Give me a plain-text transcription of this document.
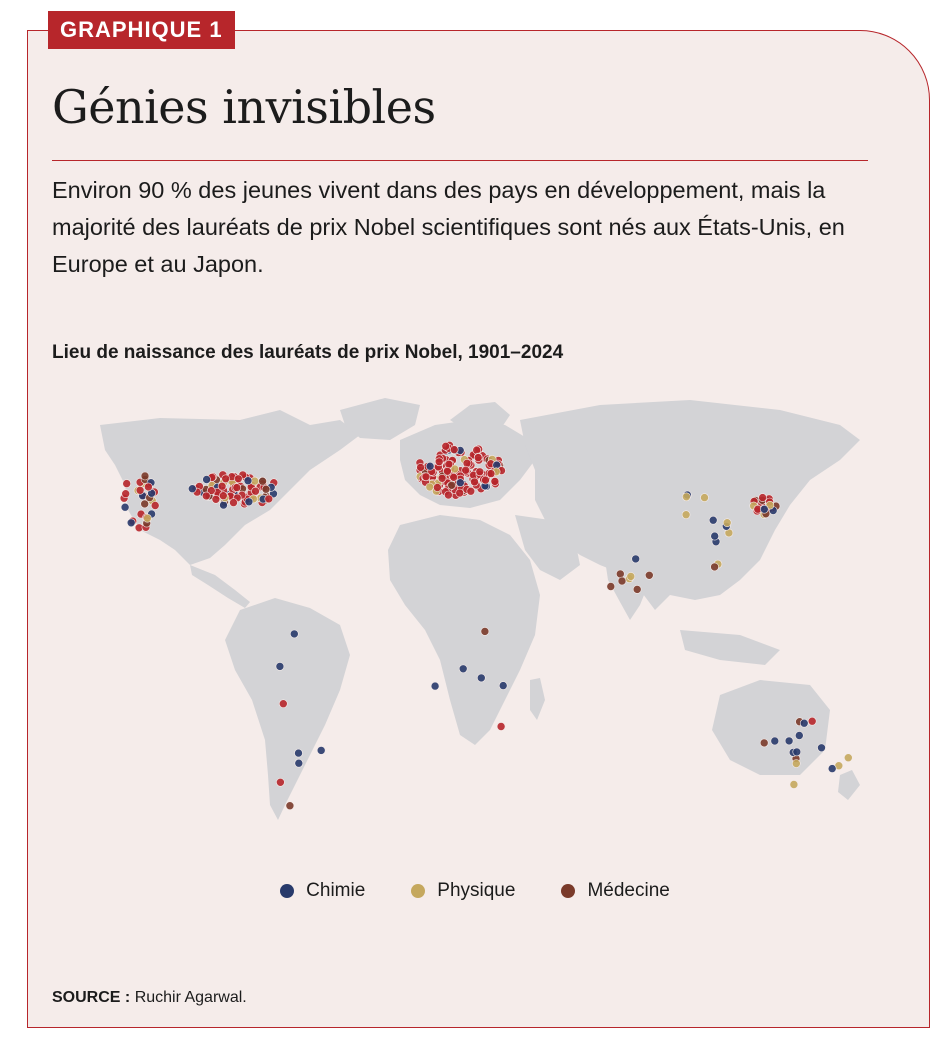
GRAPHIQUE 1
Génies invisibles

Environ 90 % des jeunes vivent dans des pays en développement, mais la majorité des lauréats de prix Nobel scientifiques sont nés aux États-Unis, en Europe et au Japon.

Lieu de naissance des lauréats de prix Nobel, 1901–2024

Chimie	Physique	Médecine
SOURCE : Ruchir Agarwal.
